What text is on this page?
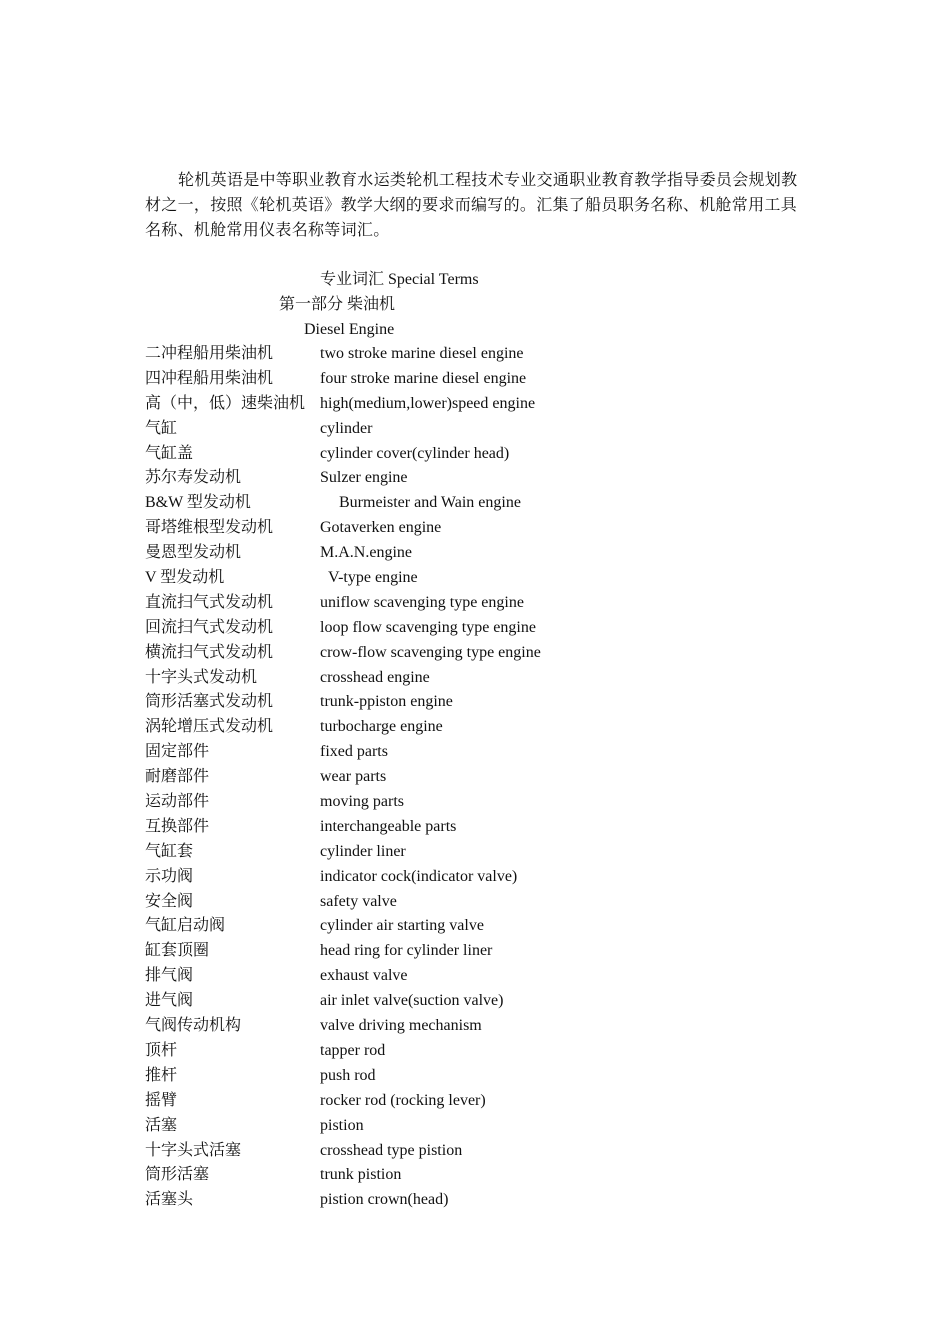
轮机英语是中等职业教育水运类轮机工程技术专业交通职业教育教学指导委员会规划教材之一，按照《轮机英语》教学大纲的要求而编写的。汇集了船员职务名称、机舱常用工具名称、机舱常用仪表名称等词汇。

专业词汇 Special Terms
第一部分 柴油机
Diesel Engine
二冲程船用柴油机	two stroke marine diesel engine
四冲程船用柴油机	four stroke marine diesel engine
高（中，低）速柴油机 high(medium,lower)speed engine
气缸	cylinder
气缸盖	cylinder cover(cylinder head)
苏尔寿发动机	Sulzer engine
B&W 型发动机	Burmeister and Wain engine
哥塔维根型发动机	Gotaverken engine
曼恩型发动机	M.A.N.engine
V 型发动机	V-type engine
直流扫气式发动机	uniflow scavenging type engine
回流扫气式发动机	loop flow scavenging type engine
横流扫气式发动机	crow-flow scavenging type engine
十字头式发动机	crosshead engine
筒形活塞式发动机	trunk-ppiston engine
涡轮增压式发动机	turbocharge engine
固定部件	fixed parts
耐磨部件	wear parts
运动部件	moving parts
互换部件	interchangeable parts
气缸套	cylinder liner
示功阀	indicator cock(indicator valve)
安全阀	safety valve
气缸启动阀	cylinder air starting valve
缸套顶圈	head ring for cylinder liner
排气阀	exhaust valve
进气阀	air inlet valve(suction valve)
气阀传动机构	valve driving mechanism
顶杆	tapper rod
推杆	push rod
摇臂	rocker rod (rocking lever)
活塞	pistion
十字头式活塞	crosshead type pistion
筒形活塞	trunk pistion
活塞头	pistion crown(head)
